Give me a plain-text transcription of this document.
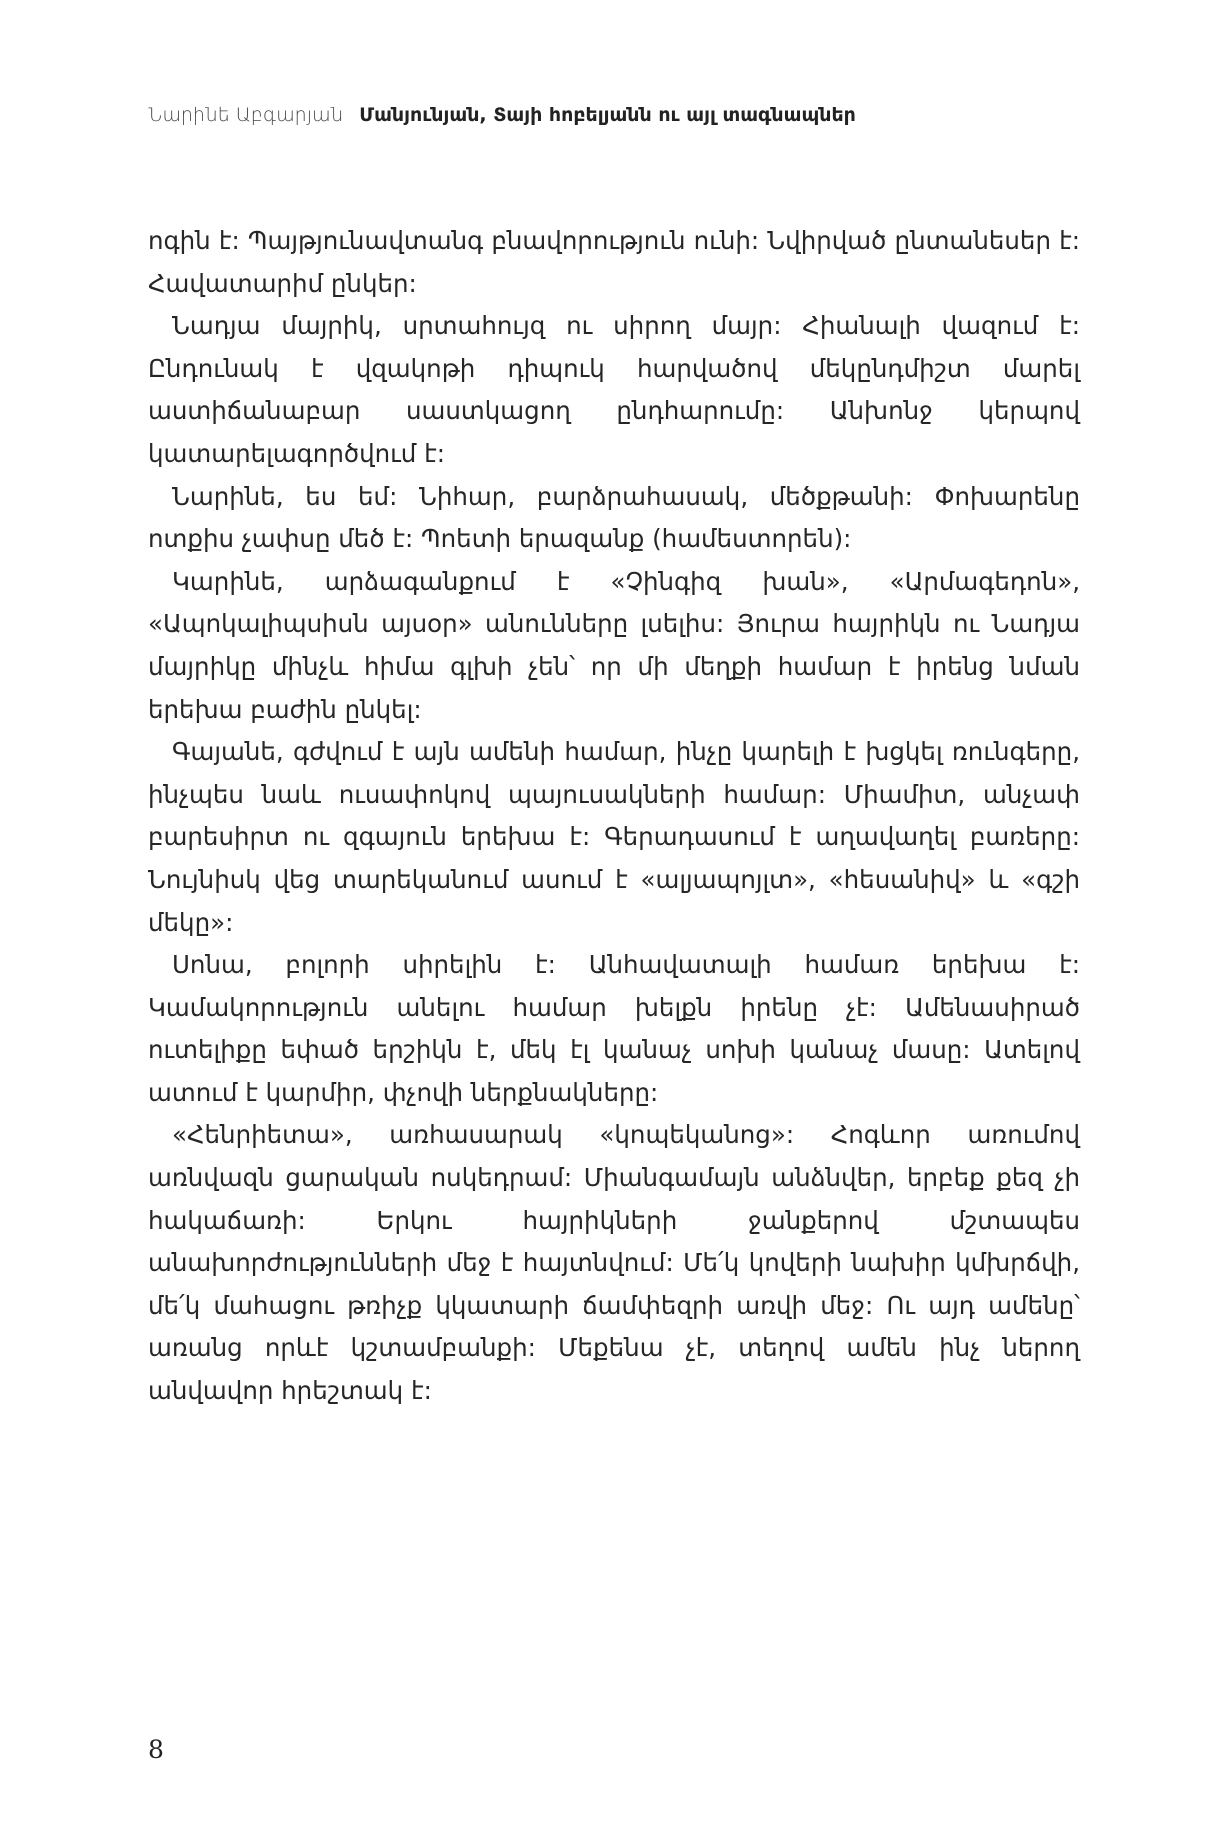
Նարինե Աբգարյան Մանյունյան, Տայի հոբելյանն ու այլ տագնապներ

ոգին է: Պայթյունավտանգ բնավորություն ունի: Նվիրված ընտանեսեր է: Հավատարիմ ընկեր:

Նադյա մայրիկ, սրտահույզ ու սիրող մայր: Հիանալի վազում է: Ընդունակ է վզակոթի դիպուկ հարվածով մեկընդմիշտ մարել աստիճանաբար սաստկացող ընդհարումը: Անխոնջ կերպով կատարելագործվում է:

Նարինե, ես եմ: Նիհար, բարձրահասակ, մեծքթանի: Փոխարենը ոտքիս չափսը մեծ է: Պոետի երազանք (համեստորեն):

Կարինե, արձագանքում է «Չինգիզ խան», «Արմագեդոն», «Ապոկալիպսիսն այսօր» անունները լսելիս: Յուրա հայրիկն ու Նադյա մայրիկը մինչև հիմա գլխի չեն՝ որ մի մեղքի համար է իրենց նման երեխա բաժին ընկել:

Գայանե, գժվում է այն ամենի համար, ինչը կարելի է խցկել ռունգերը, ինչպես նաև ուսափոկով պայուսակների համար: Միամիտ, անչափ բարեսիրտ ու զգայուն երեխա է: Գերադասում է աղավաղել բառերը: Նույնիսկ վեց տարեկանում ասում է «ալյապոյլտ», «հեսանիվ» և «գշի մեկը»:

Սոնա, բոլորի սիրելին է: Անհավատալի համառ երեխա է: Կամակորություն անելու համար խելքն իրենը չէ: Ամենասիրած ուտելիքը եփած երշիկն է, մեկ էլ կանաչ սոխի կանաչ մասը: Ատելով ատում է կարմիր, փչովի ներքնակները:

«Հենրիետա», առհասարակ «կոպեկանոց»: Հոգևոր առումով առնվազն ցարական ոսկեդրամ: Միանգամայն անձնվեր, երբեք քեզ չի հակաճառի: Երկու հայրիկների ջանքերով մշտապես անախորժությունների մեջ է հայտնվում: Մե՛կ կովերի նախիր կմխրճվի, մե՛կ մահացու թռիչք կկատարի ճամփեզրի առվի մեջ: Ու այդ ամենը՝ առանց որևէ կշտամբանքի: Մեքենա չէ, տեղով ամեն ինչ ներող անվավոր հրեշտակ է:

8
